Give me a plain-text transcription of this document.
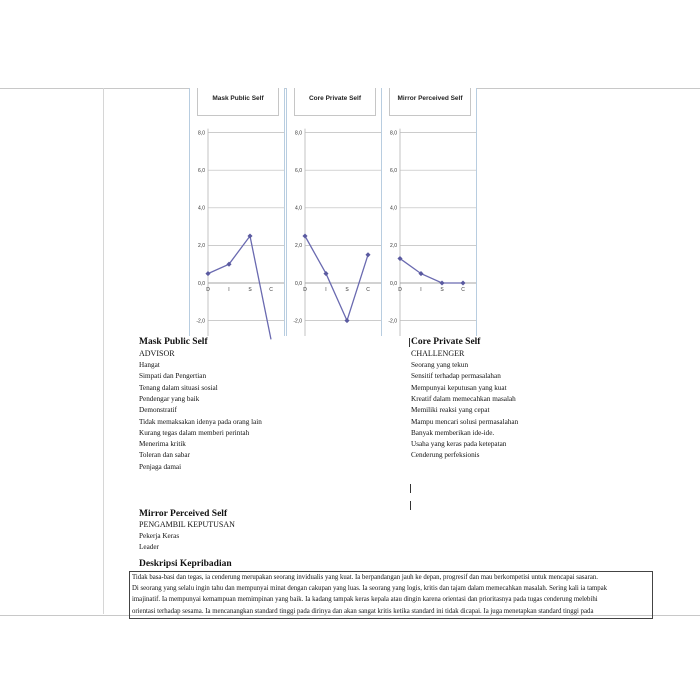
Mask Public Self
8,0
6,0
4,0
2,0
0,0
-2,0
D	I	S	C
Core Private Self
8,0
6,0
4,0
2,0
0,0
-2,0
D	I	S	C
Mirror Perceived Self
8,0
6,0
4,0
2,0
0,0
-2,0
D	I	S	C
Mask Public Self
ADVISOR
Hangat
Simpati dan Pengertian
Tenang dalam situasi sosial
Pendengar yang baik
Demonstratif
Tidak memaksakan idenya pada orang lain
Kurang tegas dalam memberi perintah
Menerima kritik
Toleran dan sabar
Penjaga damai
Core Private Self
CHALLENGER
Seorang yang tekun
Sensitif terhadap permasalahan
Mempunyai keputusan yang kuat
Kreatif dalam memecahkan masalah
Memiliki reaksi yang cepat
Mampu mencari solusi permasalahan
Banyak memberikan ide-ide.
Usaha yang keras pada ketepatan
Cenderung perfeksionis
Mirror Perceived Self
PENGAMBIL KEPUTUSAN
Pekerja Keras
Leader
Deskripsi Kepribadian
Tidak basa-basi dan tegas, ia cenderung merupakan seorang invidualis yang kuat. Ia berpandangan jauh ke depan, progresif dan mau berkompetisi untuk mencapai sasaran.
Di seorang yang selalu ingin tahu dan mempunyai minat dengan cakupan yang luas. Ia seorang yang logis, kritis dan tajam dalam memecahkan masalah. Sering kali ia tampak
imajinatif. Ia mempunyai kemampuan memimpinan yang baik. Ia kadang tampak keras kepala atau dingin karena orientasi dan prioritasnya pada tugas cenderung melebihi
orientasi terhadap sesama. Ia mencanangkan standard tinggi pada dirinya dan akan sangat kritis ketika standard ini tidak dicapai. Ia juga menetapkan standard tinggi pada
